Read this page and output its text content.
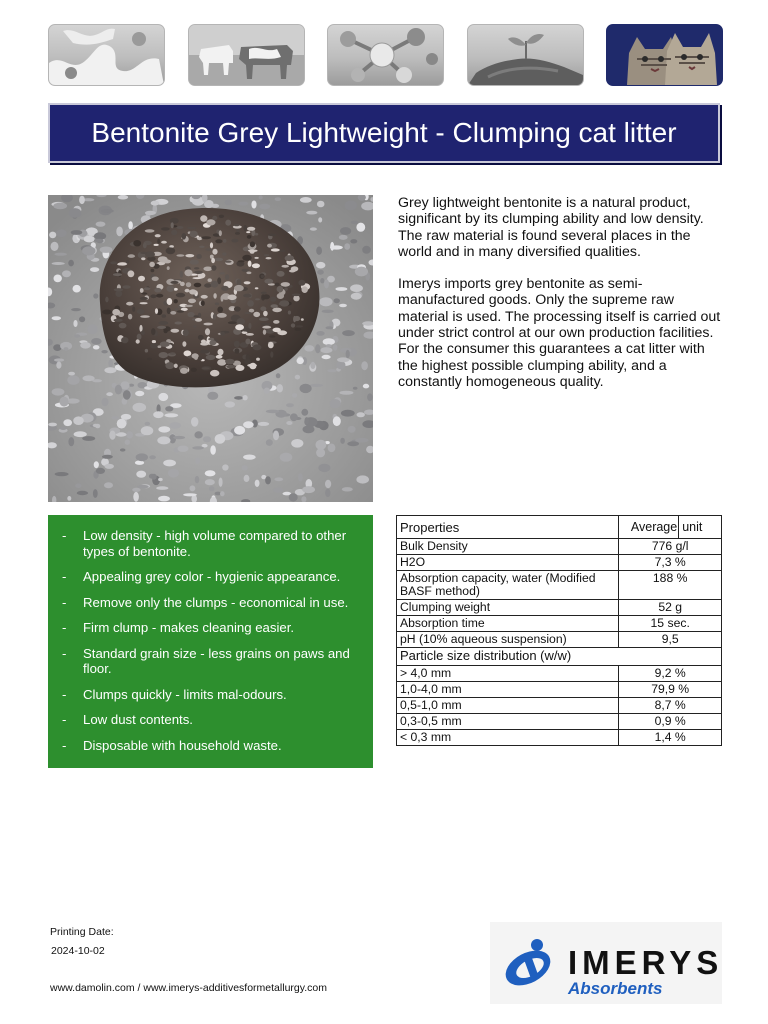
Bentonite Grey Lightweight - Clumping cat litter

Grey lightweight bentonite is a natural product, significant by its clumping ability and low density. The raw material is found several places in the world and in many diversified qualities.

Imerys imports grey bentonite as semi-manufactured goods. Only the supreme raw material is used. The processing itself is carried out under strict control at our own production facilities. For the consumer this guarantees a cat litter with the highest possible clumping ability, and a constantly homogeneous quality.

- Low density - high volume compared to other types of bentonite.
- Appealing grey color - hygienic appearance.
- Remove only the clumps - economical in use.
- Firm clump - makes cleaning easier.
- Standard grain size - less grains on paws and floor.
- Clumps quickly - limits mal-odours.
- Low dust contents.
- Disposable with household waste.
Properties	Average	unit
Bulk Density	776 g/l	
H2O	7,3 %	
Absorption capacity, water (Modified BASF method)	188 %	
Clumping weight	52 g	
Absorption time	15 sec.	
pH (10% aqueous suspension)	9,5	
Particle size distribution (w/w)		
> 4,0 mm	9,2 %	
1,0-4,0 mm	79,9 %	
0,5-1,0 mm	8,7 %	
0,3-0,5 mm	0,9 %	
< 0,3 mm	1,4 %	
Printing Date:
2024-10-02
www.damolin.com / www.imerys-additivesformetallurgy.com
IMERYS
Absorbents
